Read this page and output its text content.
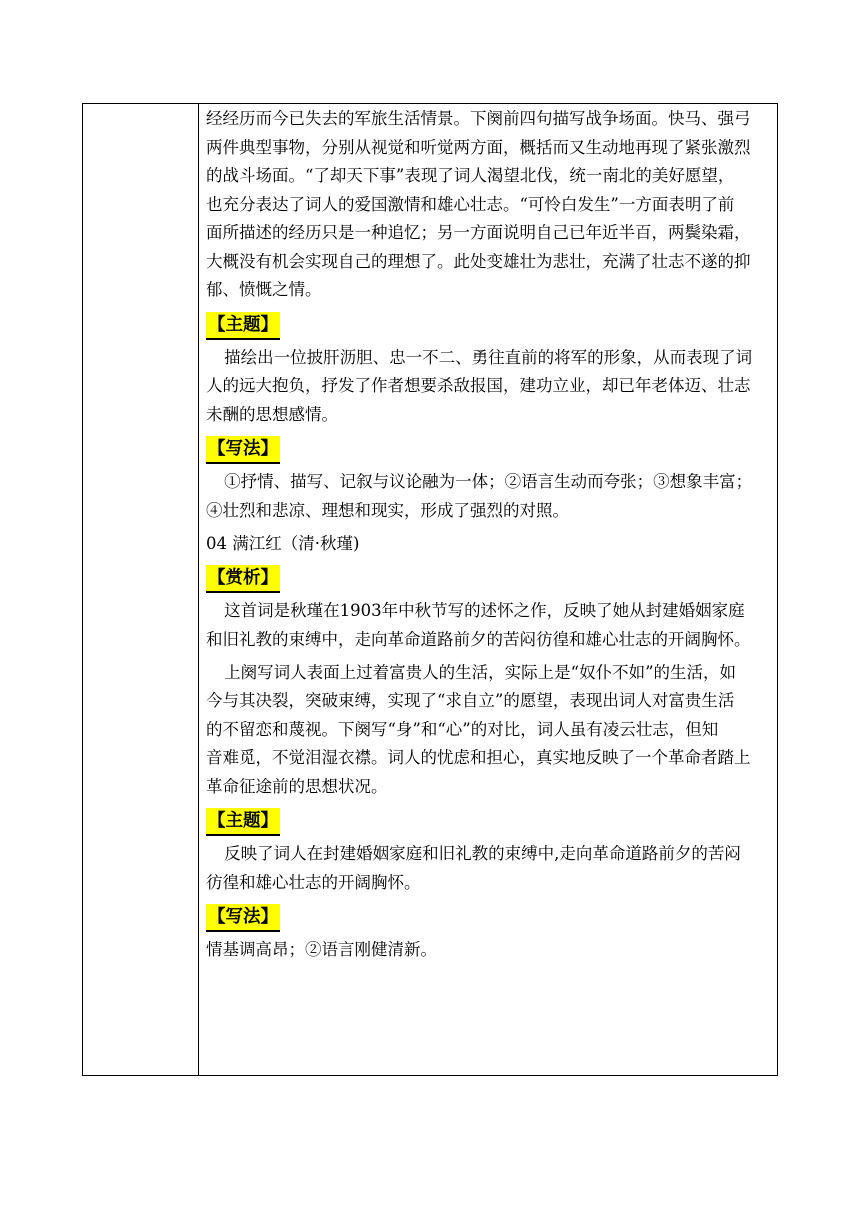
经经历而今已失去的军旅生活情景。下阕前四句描写战争场面。快马、强弓
两件典型事物，分别从视觉和听觉两方面，概括而又生动地再现了紧张激烈
的战斗场面。“了却天下事”表现了词人渴望北伐，统一南北的美好愿望，
也充分表达了词人的爱国激情和雄心壮志。“可怜白发生”一方面表明了前
面所描述的经历只是一种追忆；另一方面说明自己已年近半百，两鬓染霜，
大概没有机会实现自己的理想了。此处变雄壮为悲壮，充满了壮志不遂的抑
郁、愤慨之情。
【主题】
描绘出一位披肝沥胆、忠一不二、勇往直前的将军的形象，从而表现了词
人的远大抱负，抒发了作者想要杀敌报国，建功立业，却已年老体迈、壮志
未酬的思想感情。
【写法】
①抒情、描写、记叙与议论融为一体；②语言生动而夸张；③想象丰富；
④壮烈和悲凉、理想和现实，形成了强烈的对照。
04 满江红（清·秋瑾)
【赏析】
这首词是秋瑾在1903年中秋节写的述怀之作，反映了她从封建婚姻家庭
和旧礼教的束缚中，走向革命道路前夕的苦闷彷徨和雄心壮志的开阔胸怀。
上阕写词人表面上过着富贵人的生活，实际上是“奴仆不如”的生活，如
今与其决裂，突破束缚，实现了“求自立”的愿望，表现出词人对富贵生活
的不留恋和蔑视。下阕写“身”和“心”的对比，词人虽有凌云壮志，但知
音难觅，不觉泪湿衣襟。词人的忧虑和担心，真实地反映了一个革命者踏上
革命征途前的思想状况。
【主题】
反映了词人在封建婚姻家庭和旧礼教的束缚中,走向革命道路前夕的苦闷
彷徨和雄心壮志的开阔胸怀。
【写法】
情基调高昂；②语言刚健清新。
